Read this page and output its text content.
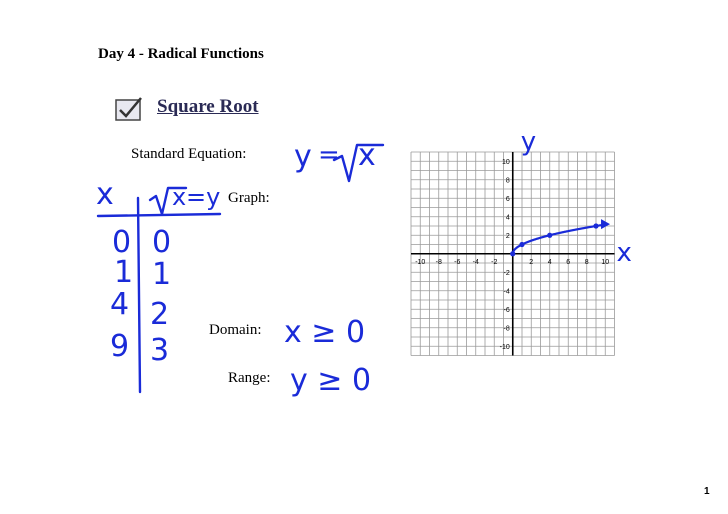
Day 4 - Radical Functions
Square Root
Standard Equation:
Graph:
Domain:
Range:
1
y = x
x x =y
0
1
4
9
0
1
2
3
x ≥ 0
y ≥ 0
-10 -8 -6 -4 -2	2 4 6 8 10
10
8
6
4
2
-2
-4
-6
-8
-10
y
x
